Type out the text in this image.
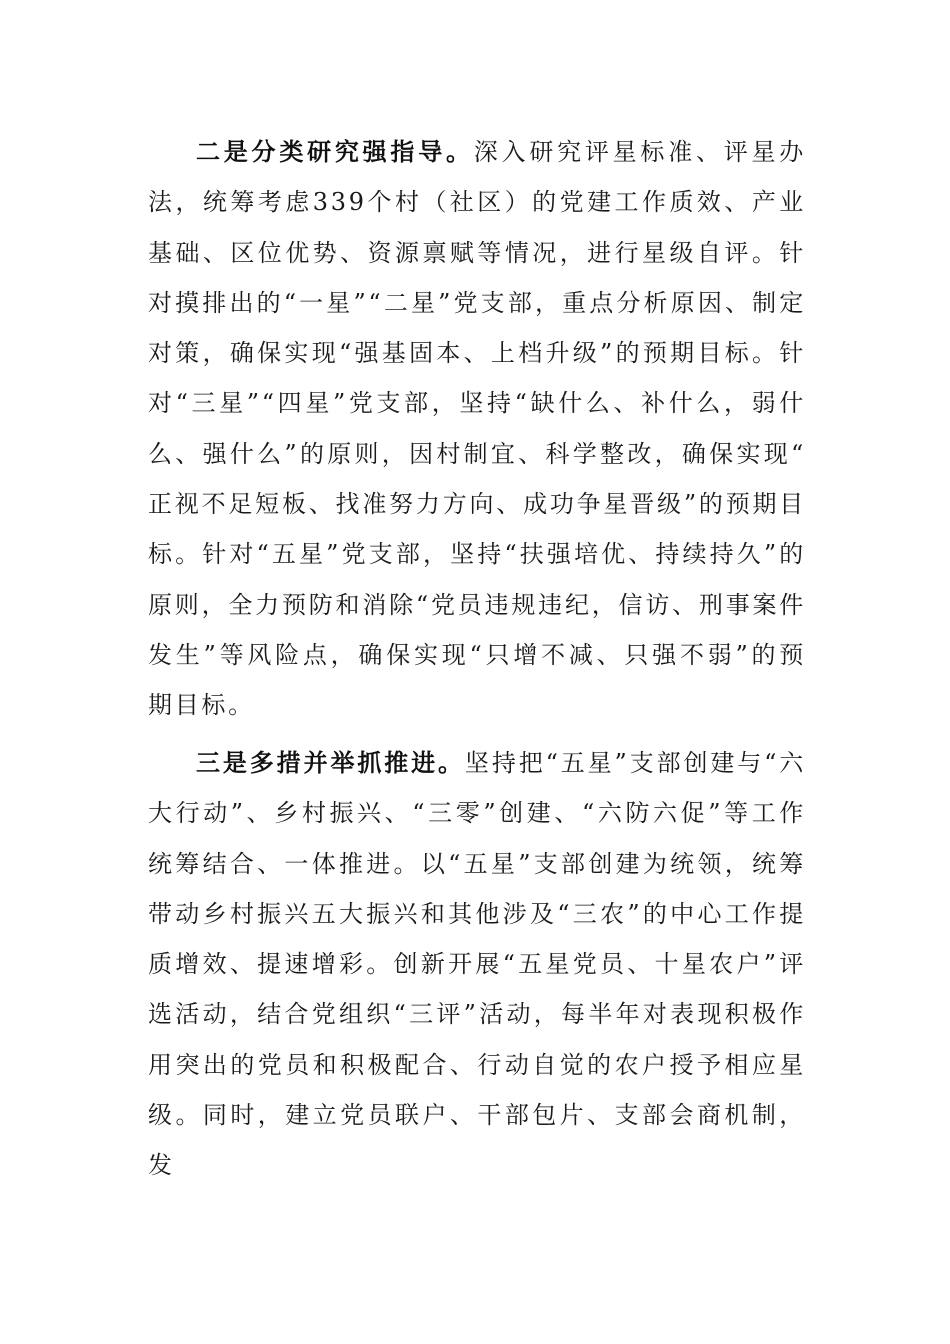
二是分类研究强指导。深入研究评星标准、评星办法，统筹考虑339个村（社区）的党建工作质效、产业基础、区位优势、资源禀赋等情况，进行星级自评。针对摸排出的“一星”“二星”党支部，重点分析原因、制定对策，确保实现“强基固本、上档升级”的预期目标。针对“三星”“四星”党支部，坚持“缺什么、补什么，弱什么、强什么”的原则，因村制宜、科学整改，确保实现“正视不足短板、找准努力方向、成功争星晋级”的预期目标。针对“五星”党支部，坚持“扶强培优、持续持久”的原则，全力预防和消除“党员违规违纪，信访、刑事案件发生”等风险点，确保实现“只增不减、只强不弱”的预期目标。

三是多措并举抓推进。坚持把“五星”支部创建与“六大行动”、乡村振兴、“三零”创建、“六防六促”等工作统筹结合、一体推进。以“五星”支部创建为统领，统筹带动乡村振兴五大振兴和其他涉及“三农”的中心工作提质增效、提速增彩。创新开展“五星党员、十星农户”评选活动，结合党组织“三评”活动，每半年对表现积极作用突出的党员和积极配合、行动自觉的农户授予相应星级。同时，建立党员联户、干部包片、支部会商机制，发
